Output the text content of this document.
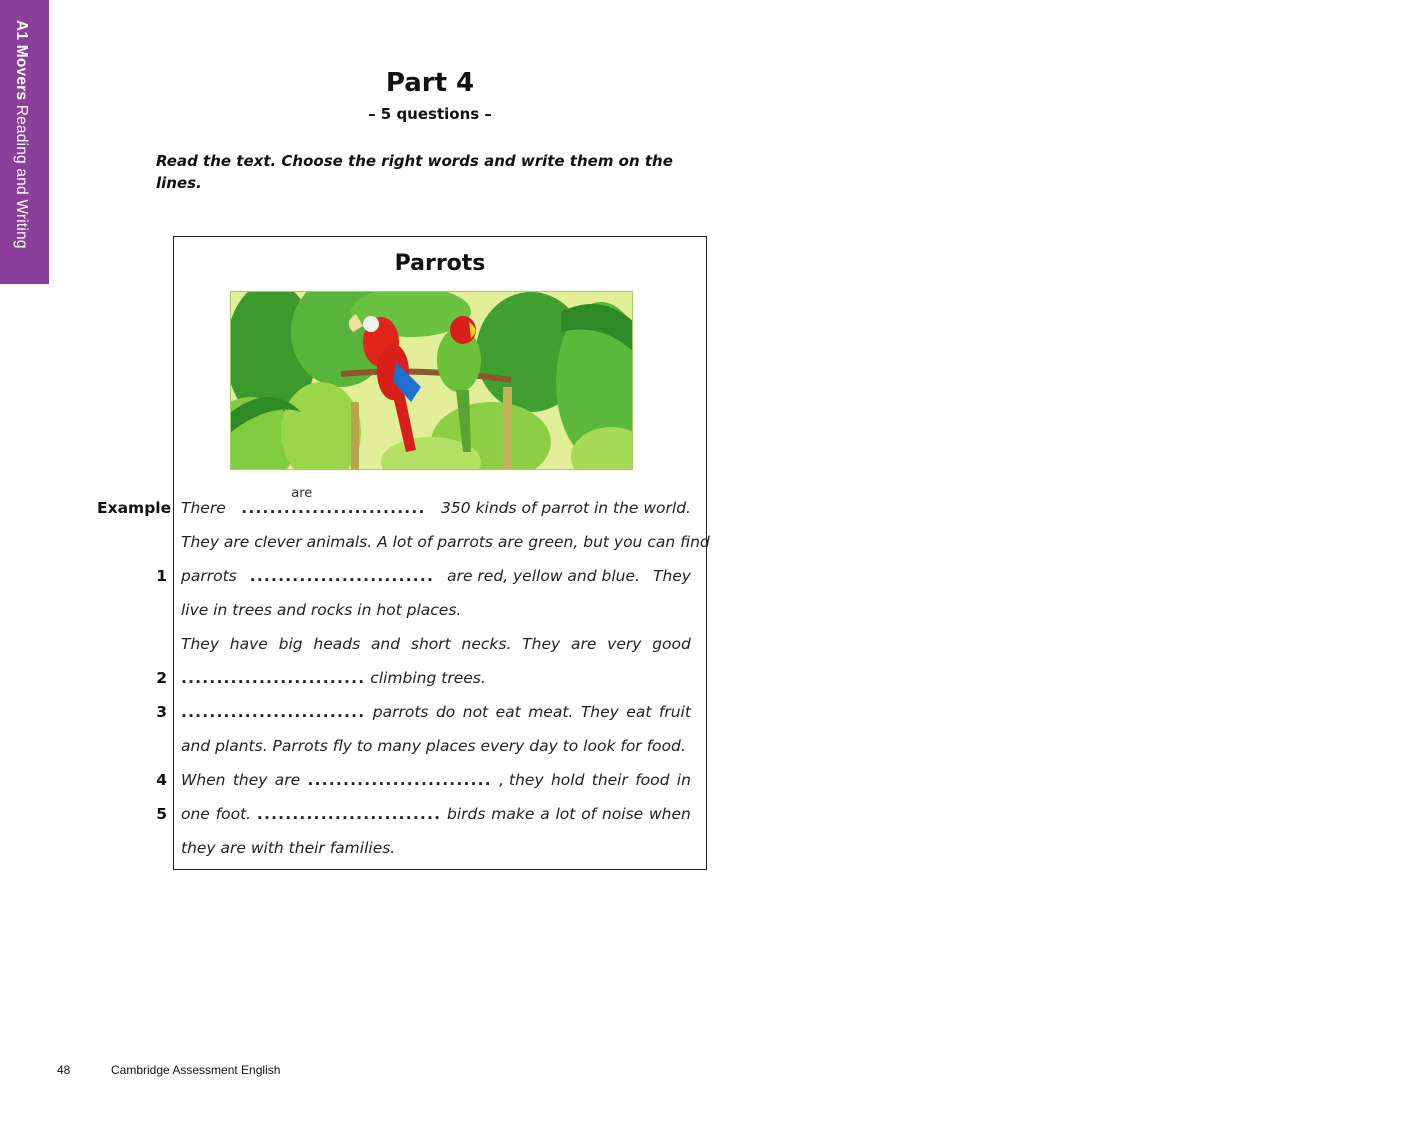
A1 Movers Reading and Writing
Part 4
– 5 questions –

Read the text. Choose the right words and write them on the lines.

Example
1
2
3
4
5
Parrots
There ..........................
are
350 kinds of parrot in the world.
They are clever animals. A lot of parrots are green, but you can find
parrots .......................... are red, yellow and blue. They
live in trees and rocks in hot places.
They have big heads and short necks. They are very good
.......................... climbing trees.
.......................... parrots do not eat meat. They eat fruit
and plants. Parrots fly to many places every day to look for food.
When they are .......................... , they hold their food in
one foot. .......................... birds make a lot of noise when
they are with their families.
48	Cambridge Assessment English
